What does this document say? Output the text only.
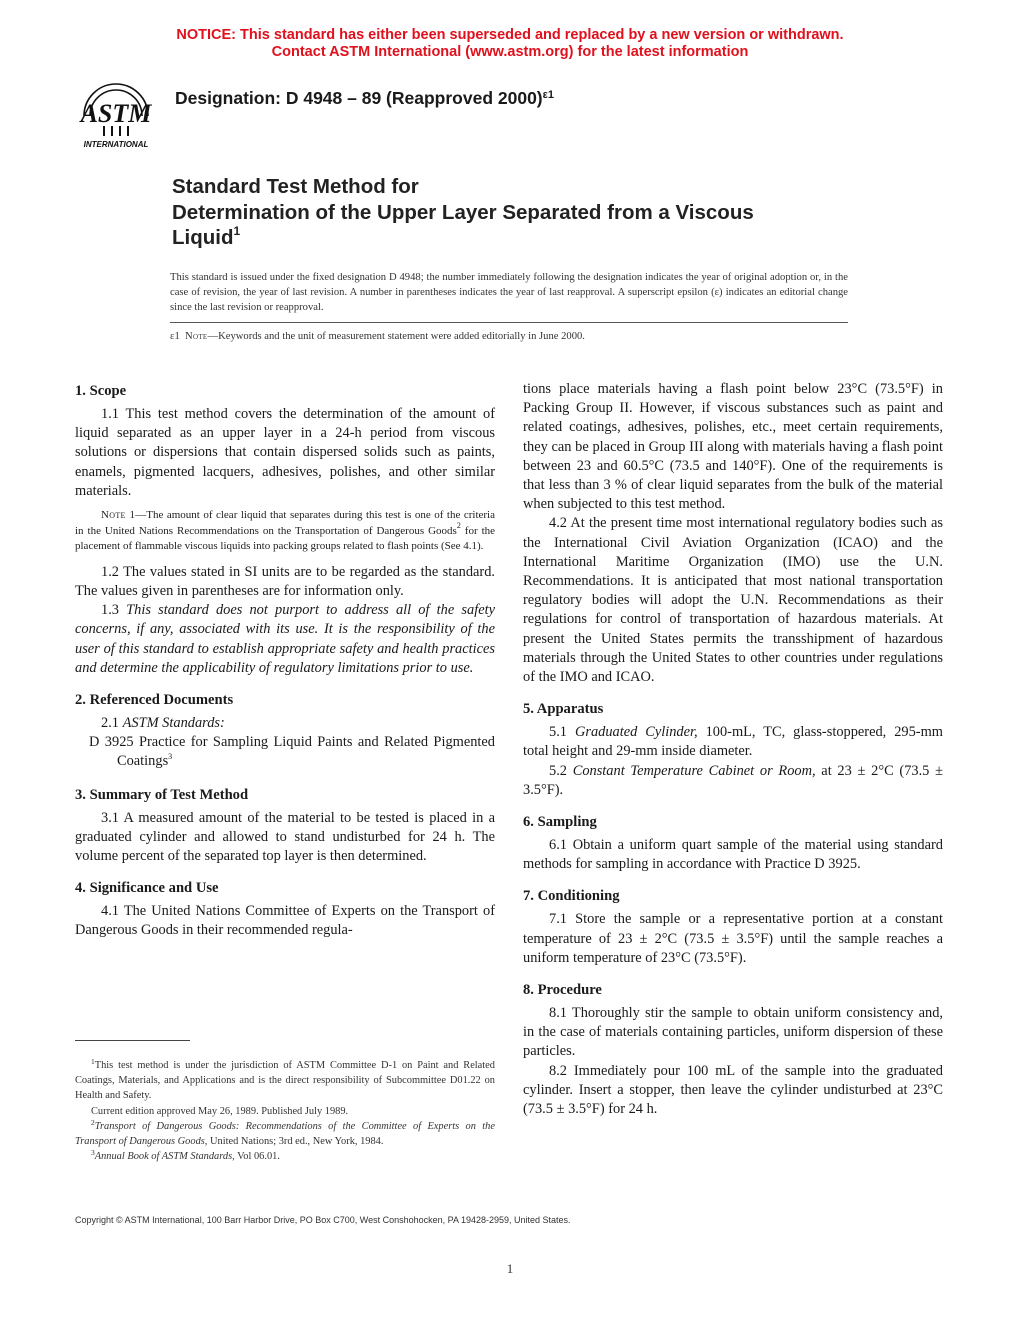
NOTICE: This standard has either been superseded and replaced by a new version or withdrawn.
Contact ASTM International (www.astm.org) for the latest information
ASTM
INTERNATIONAL
Designation: D 4948 – 89 (Reapproved 2000)$^{\varepsilon 1}$
Standard Test Method for
Determination of the Upper Layer Separated from a Viscous
Liquid$^1$
This standard is issued under the fixed designation D 4948; the number immediately following the designation indicates the year of original adoption or, in the case of revision, the year of last revision. A number in parentheses indicates the year of last reapproval. A superscript epsilon (ε) indicates an editorial change since the last revision or reapproval.
ε1 Note—Keywords and the unit of measurement statement were added editorially in June 2000.
1. Scope

1.1 This test method covers the determination of the amount of liquid separated as an upper layer in a 24-h period from viscous solutions or dispersions that contain dispersed solids such as paints, enamels, pigmented lacquers, adhesives, polishes, and other similar materials.

Note 1—The amount of clear liquid that separates during this test is one of the criteria in the United Nations Recommendations on the Transportation of Dangerous Goods$^2$ for the placement of flammable viscous liquids into packing groups related to flash points (See 4.1).

1.2 The values stated in SI units are to be regarded as the standard. The values given in parentheses are for information only.

1.3 This standard does not purport to address all of the safety concerns, if any, associated with its use. It is the responsibility of the user of this standard to establish appropriate safety and health practices and determine the applicability of regulatory limitations prior to use.

2. Referenced Documents

2.1 ASTM Standards:

D 3925 Practice for Sampling Liquid Paints and Related Pigmented Coatings$^3$

3. Summary of Test Method

3.1 A measured amount of the material to be tested is placed in a graduated cylinder and allowed to stand undisturbed for 24 h. The volume percent of the separated top layer is then determined.

4. Significance and Use

4.1 The United Nations Committee of Experts on the Transport of Dangerous Goods in their recommended regula-

tions place materials having a flash point below 23°C (73.5°F) in Packing Group II. However, if viscous substances such as paint and related coatings, adhesives, polishes, etc., meet certain requirements, they can be placed in Group III along with materials having a flash point between 23 and 60.5°C (73.5 and 140°F). One of the requirements is that less than 3 % of clear liquid separates from the bulk of the material when subjected to this test method.

4.2 At the present time most international regulatory bodies such as the International Civil Aviation Organization (ICAO) and the International Maritime Organization (IMO) use the U.N. Recommendations. It is anticipated that most national transportation regulatory bodies will adopt the U.N. Recommendations as their regulations for control of transportation of hazardous materials. At present the United States permits the transshipment of hazardous materials through the United States to other countries under regulations of the IMO and ICAO.

5. Apparatus

5.1 Graduated Cylinder, 100-mL, TC, glass-stoppered, 295-mm total height and 29-mm inside diameter.

5.2 Constant Temperature Cabinet or Room, at 23 ± 2°C (73.5 ± 3.5°F).

6. Sampling

6.1 Obtain a uniform quart sample of the material using standard methods for sampling in accordance with Practice D 3925.

7. Conditioning

7.1 Store the sample or a representative portion at a constant temperature of 23 ± 2°C (73.5 ± 3.5°F) until the sample reaches a uniform temperature of 23°C (73.5°F).

8. Procedure

8.1 Thoroughly stir the sample to obtain uniform consistency and, in the case of materials containing particles, uniform dispersion of these particles.

8.2 Immediately pour 100 mL of the sample into the graduated cylinder. Insert a stopper, then leave the cylinder undisturbed at 23°C (73.5 ± 3.5°F) for 24 h.

$^1$This test method is under the jurisdiction of ASTM Committee D-1 on Paint and Related Coatings, Materials, and Applications and is the direct responsibility of Subcommittee D01.22 on Health and Safety.

Current edition approved May 26, 1989. Published July 1989.

$^2$Transport of Dangerous Goods: Recommendations of the Committee of Experts on the Transport of Dangerous Goods, United Nations; 3rd ed., New York, 1984.

$^3$Annual Book of ASTM Standards, Vol 06.01.

Copyright © ASTM International, 100 Barr Harbor Drive, PO Box C700, West Conshohocken, PA 19428-2959, United States.
1
